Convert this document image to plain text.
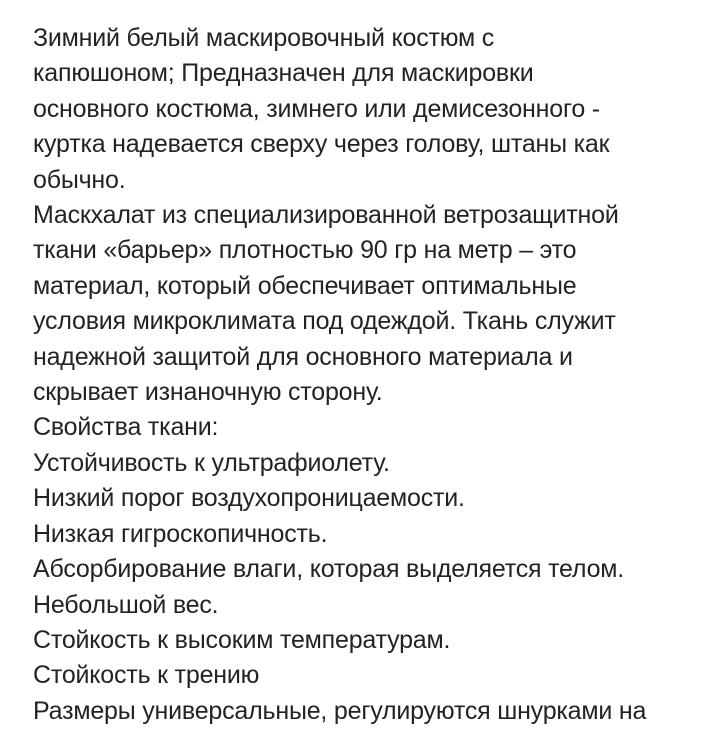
Зимний белый маскировочный костюм с
капюшоном; Предназначен для маскировки
основного костюма, зимнего или демисезонного -
куртка надевается сверху через голову, штаны как
обычно.
Маскхалат из специализированной ветрозащитной
ткани «барьер» плотностью 90 гр на метр – это
материал, который обеспечивает оптимальные
условия микроклимата под одеждой. Ткань служит
надежной защитой для основного материала и
скрывает изнаночную сторону.
Свойства ткани:
Устойчивость к ультрафиолету.
Низкий порог воздухопроницаемости.
Низкая гигроскопичность.
Абсорбирование влаги, которая выделяется телом.
Небольшой вес.
Стойкость к высоким температурам.
Стойкость к трению
Размеры универсальные, регулируются шнурками на
